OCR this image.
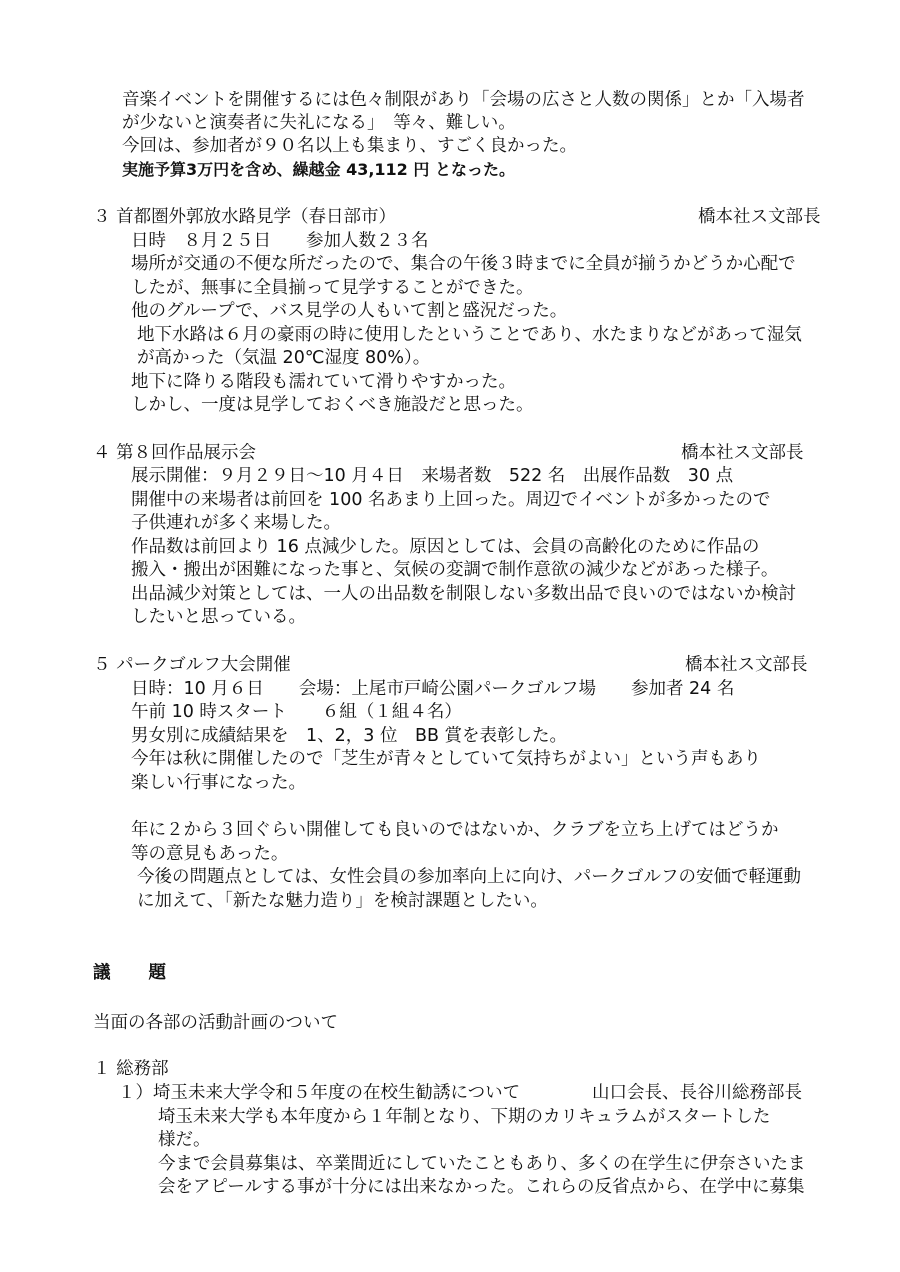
音楽イベントを開催するには色々制限があり「会場の広さと人数の関係」とか「入場者
が少ないと演奏者に失礼になる」　等々、難しい。
今回は、参加者が９０名以上も集まり、すごく良かった。
実施予算3万円を含め、繰越金 43,112 円 となった。
３ 首都圏外郭放水路見学（春日部市）	橋本社ス文部長
日時　８月２５日　　参加人数２３名
場所が交通の不便な所だったので、集合の午後３時までに全員が揃うかどうか心配で
したが、無事に全員揃って見学することができた。
他のグループで、バス見学の人もいて割と盛況だった。
地下水路は６月の豪雨の時に使用したということであり、水たまりなどがあって湿気
が高かった（気温 20℃湿度 80%）。
地下に降りる階段も濡れていて滑りやすかった。
しかし、一度は見学しておくべき施設だと思った。
４ 第８回作品展示会	橋本社ス文部長
展示開催：９月２９日～10 月４日　来場者数　522 名　出展作品数　30 点
開催中の来場者は前回を 100 名あまり上回った。周辺でイベントが多かったので
子供連れが多く来場した。
作品数は前回より 16 点減少した。原因としては、会員の高齢化のために作品の
搬入・搬出が困難になった事と、気候の変調で制作意欲の減少などがあった様子。
出品減少対策としては、一人の出品数を制限しない多数出品で良いのではないか検討
したいと思っている。
５ パークゴルフ大会開催	橋本社ス文部長
日時：10 月６日　　会場：上尾市戸崎公園パークゴルフ場　　参加者 24 名
午前 10 時スタート　　６組（１組４名）
男女別に成績結果を　1、2，3 位　BB 賞を表彰した。
今年は秋に開催したので「芝生が青々としていて気持ちがよい」という声もあり
楽しい行事になった。
年に２から３回ぐらい開催しても良いのではないか、クラブを立ち上げてはどうか
等の意見もあった。
今後の問題点としては、女性会員の参加率向上に向け、パークゴルフの安価で軽運動
に加えて、「新たな魅力造り」を検討課題としたい。
議　　題
当面の各部の活動計画のついて
１ 総務部
１）埼玉未来大学令和５年度の在校生勧誘について	山口会長、長谷川総務部長
埼玉未来大学も本年度から１年制となり、下期のカリキュラムがスタートした
様だ。
今まで会員募集は、卒業間近にしていたこともあり、多くの在学生に伊奈さいたま
会をアピールする事が十分には出来なかった。これらの反省点から、在学中に募集
